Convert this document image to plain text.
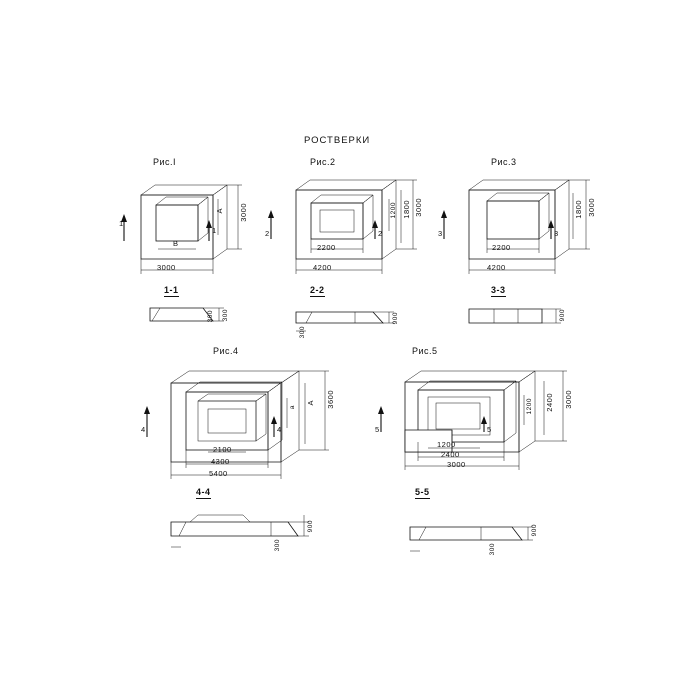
РОСТВЕРКИ
Рис.I	Рис.2	Рис.3
Рис.4	Рис.5
1-1	2-2	3-3
4-4	5-5
3000
3000
A
B
300
300
1
1
4200
2200
3000
1800
1200
900
300
2	2
4200
2200
3000
1800
900
3	3
5400
4300
2100
3600
A
a
900
300
4	4
3000
2400
1200
3000
2400
1200
900
300
5	5
